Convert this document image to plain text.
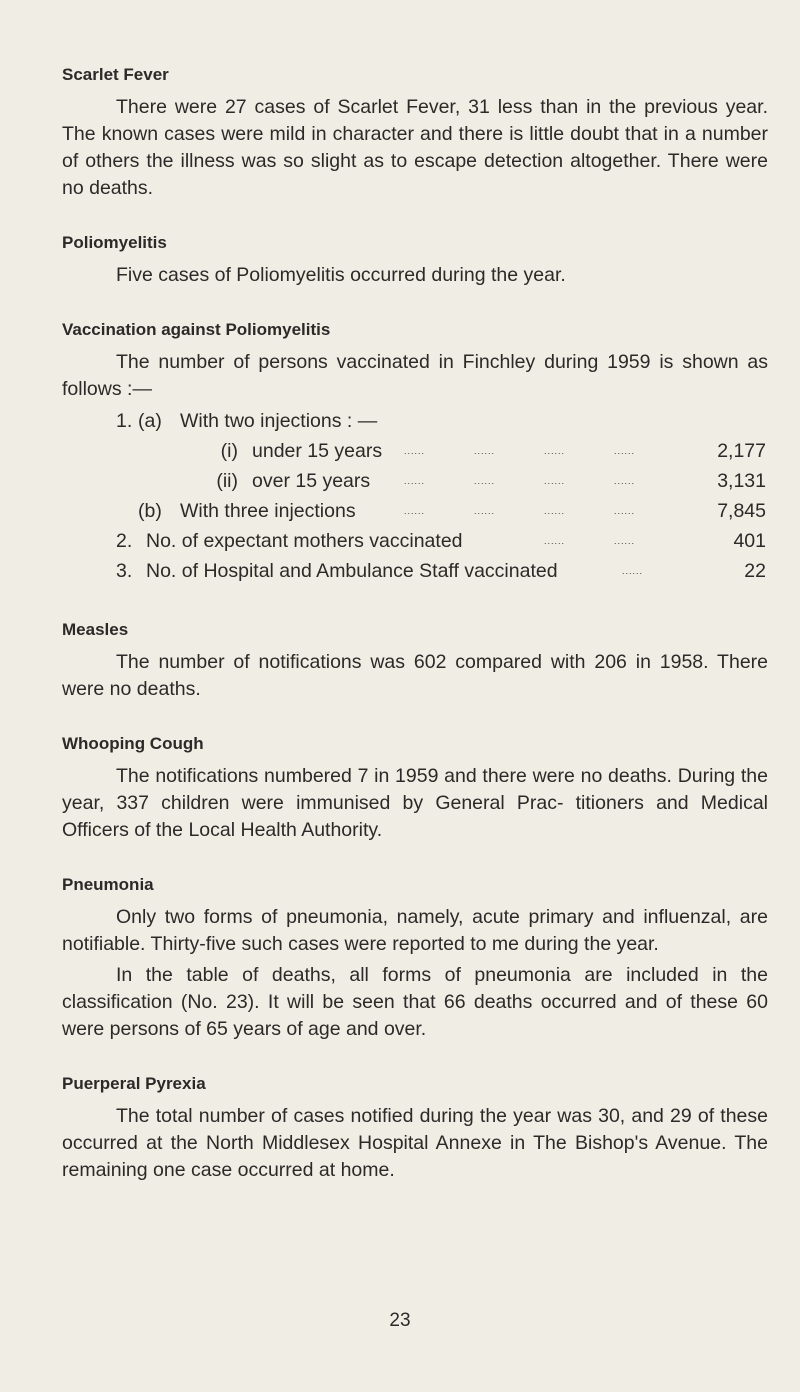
Scarlet Fever

There were 27 cases of Scarlet Fever, 31 less than in the previous year. The known cases were mild in character and there is little doubt that in a number of others the illness was so slight as to escape detection altogether. There were no deaths.

Poliomyelitis

Five cases of Poliomyelitis occurred during the year.

Vaccination against Poliomyelitis

The number of persons vaccinated in Finchley during 1959 is shown as follows :—

1. (a) With two injections : —
(i) under 15 years ......	......	......	......	2,177
(ii) over 15 years	......	......	......	......	3,131
(b) With three injections	......	......	......	......	7,845
2. No. of expectant mothers vaccinated	......	......	401
3. No. of Hospital and Ambulance Staff vaccinated	......	22
Measles

The number of notifications was 602 compared with 206 in 1958. There were no deaths.

Whooping Cough

The notifications numbered 7 in 1959 and there were no deaths. During the year, 337 children were immunised by General Prac- titioners and Medical Officers of the Local Health Authority.

Pneumonia

Only two forms of pneumonia, namely, acute primary and influenzal, are notifiable. Thirty-five such cases were reported to me during the year.

In the table of deaths, all forms of pneumonia are included in the classification (No. 23). It will be seen that 66 deaths occurred and of these 60 were persons of 65 years of age and over.

Puerperal Pyrexia

The total number of cases notified during the year was 30, and 29 of these occurred at the North Middlesex Hospital Annexe in The Bishop's Avenue. The remaining one case occurred at home.

23
